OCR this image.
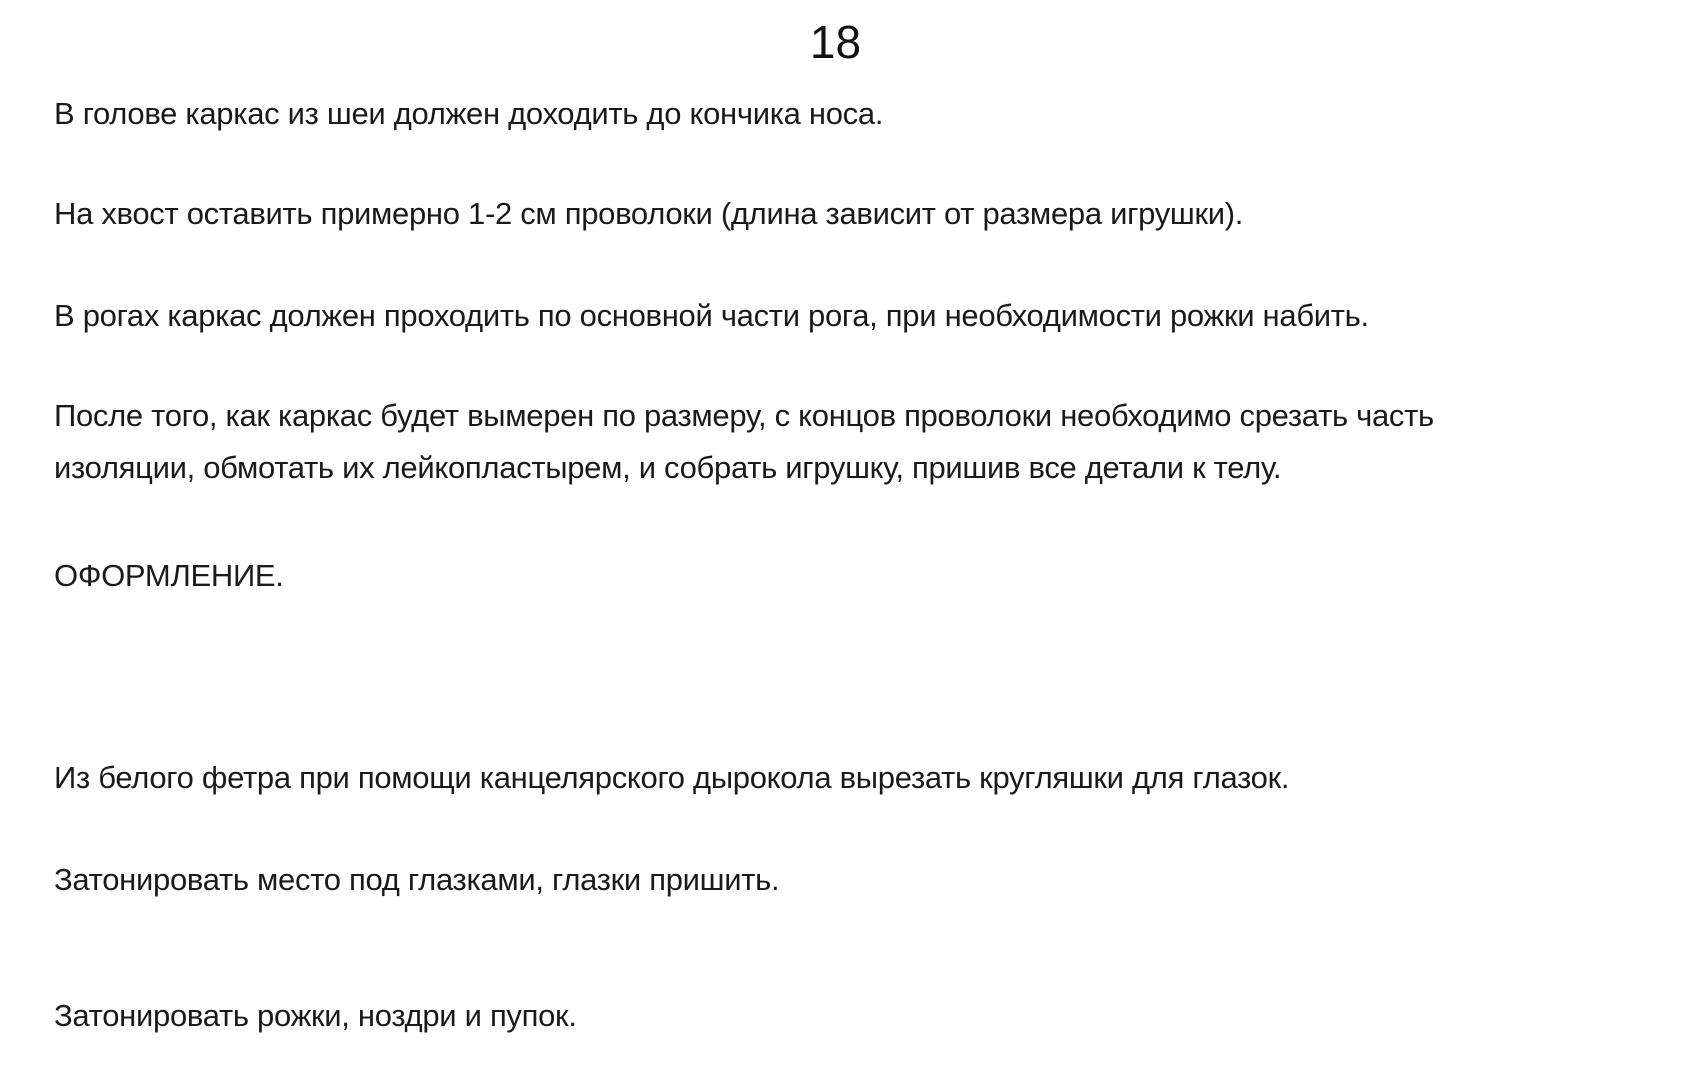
18
В голове каркас из шеи должен доходить до кончика носа.
На хвост оставить примерно 1-2 см проволоки (длина зависит от размера игрушки).
В рогах каркас должен проходить по основной части рога, при необходимости рожки набить.
После того, как каркас будет вымерен по размеру, с концов проволоки необходимо срезать часть
изоляции, обмотать их лейкопластырем, и собрать игрушку, пришив все детали к телу.
ОФОРМЛЕНИЕ.
Из белого фетра при помощи канцелярского дырокола вырезать кругляшки для глазок.
Затонировать место под глазками, глазки пришить.
Затонировать рожки, ноздри и пупок.
